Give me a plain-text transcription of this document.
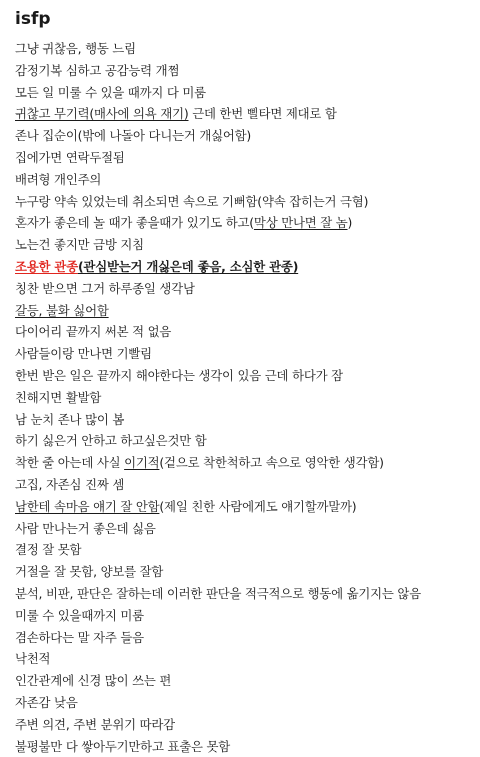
isfp
그냥 귀찮음, 행동 느림
감정기복 심하고 공감능력 개쩜
모든 일 미룰 수 있을 때까지 다 미룸
귀찮고 무기력(매사에 의욕 재기) 근데 한번 삘타면 제대로 함
존나 집순이(밖에 나돌아 다니는거 개싫어함)
집에가면 연락두절됨
배려형 개인주의
누구랑 약속 있었는데 취소되면 속으로 기뻐함(약속 잡히는거 극혐)
혼자가 좋은데 놀 때가 좋을때가 있기도 하고(막상 만나면 잘 놈)
노는건 좋지만 금방 지침
조용한 관종(관심받는거 개싫은데 좋음, 소심한 관종)
칭찬 받으면 그거 하루종일 생각남
갈등, 불화 싫어함
다이어리 끝까지 써본 적 없음
사람들이랑 만나면 기빨림
한번 받은 일은 끝까지 해야한다는 생각이 있음 근데 하다가 잠
친해지면 활발함
남 눈치 존나 많이 봄
하기 싫은거 안하고 하고싶은것만 함
착한 줄 아는데 사실 이기적(겉으로 착한척하고 속으로 영악한 생각함)
고집, 자존심 진짜 셈
남한테 속마음 얘기 잘 안함(제일 친한 사람에게도 얘기할까말까)
사람 만나는거 좋은데 싫음
결정 잘 못함
거절을 잘 못함, 양보를 잘함
분석, 비판, 판단은 잘하는데 이러한 판단을 적극적으로 행동에 옮기지는 않음
미룰 수 있을때까지 미룸
겸손하다는 말 자주 들음
낙천적
인간관계에 신경 많이 쓰는 편
자존감 낮음
주변 의견, 주변 분위기 따라감
불평불만 다 쌓아두기만하고 표출은 못함
